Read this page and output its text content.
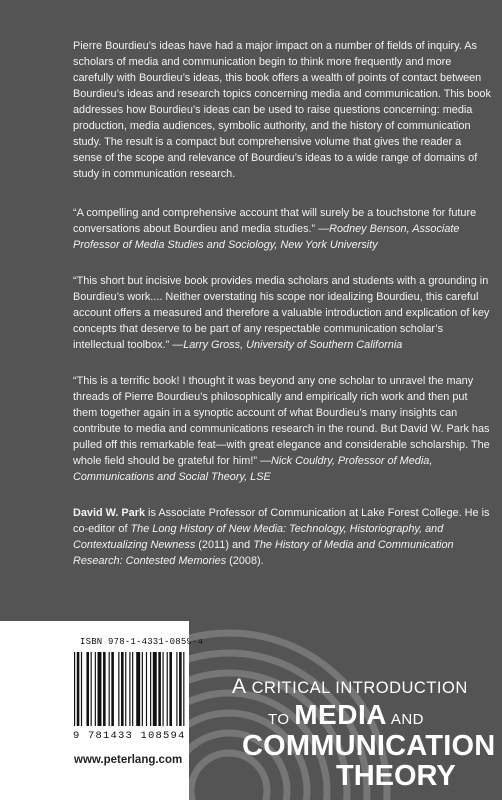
Pierre Bourdieu’s ideas have had a major impact on a number of fields of inquiry. As scholars of media and communication begin to think more frequently and more carefully with Bourdieu’s ideas, this book offers a wealth of points of contact between Bourdieu’s ideas and research topics concerning media and communication. This book addresses how Bourdieu’s ideas can be used to raise questions concerning: media production, media audiences, symbolic authority, and the history of communication study. The result is a compact but comprehensive volume that gives the reader a sense of the scope and relevance of Bourdieu’s ideas to a wide range of domains of study in communication research.

“A compelling and comprehensive account that will surely be a touchstone for future conversations about Bourdieu and media studies.” —Rodney Benson, Associate Professor of Media Studies and Sociology, New York University

“This short but incisive book provides media scholars and students with a grounding in Bourdieu’s work.... Neither overstating his scope nor idealizing Bourdieu, this careful account offers a measured and therefore a valuable introduction and explication of key concepts that deserve to be part of any respectable communication scholar’s intellectual toolbox.” —Larry Gross, University of Southern California

“This is a terrific book! I thought it was beyond any one scholar to unravel the many threads of Pierre Bourdieu’s philosophically and empirically rich work and then put them together again in a synoptic account of what Bourdieu’s many insights can contribute to media and communications research in the round. But David W. Park has pulled off this remarkable feat—with great elegance and considerable scholarship. The whole field should be grateful for him!” —Nick Couldry, Professor of Media, Communications and Social Theory, LSE

David W. Park is Associate Professor of Communication at Lake Forest College. He is co-editor of The Long History of New Media: Technology, Historiography, and Contextualizing Newness (2011) and The History of Media and Communication Research: Contested Memories (2008).

ISBN 978-1-4331-0859-4
9 781433 108594
www.peterlang.com
A CRITICAL INTRODUCTION
TO MEDIA AND
COMMUNICATION
THEORY
